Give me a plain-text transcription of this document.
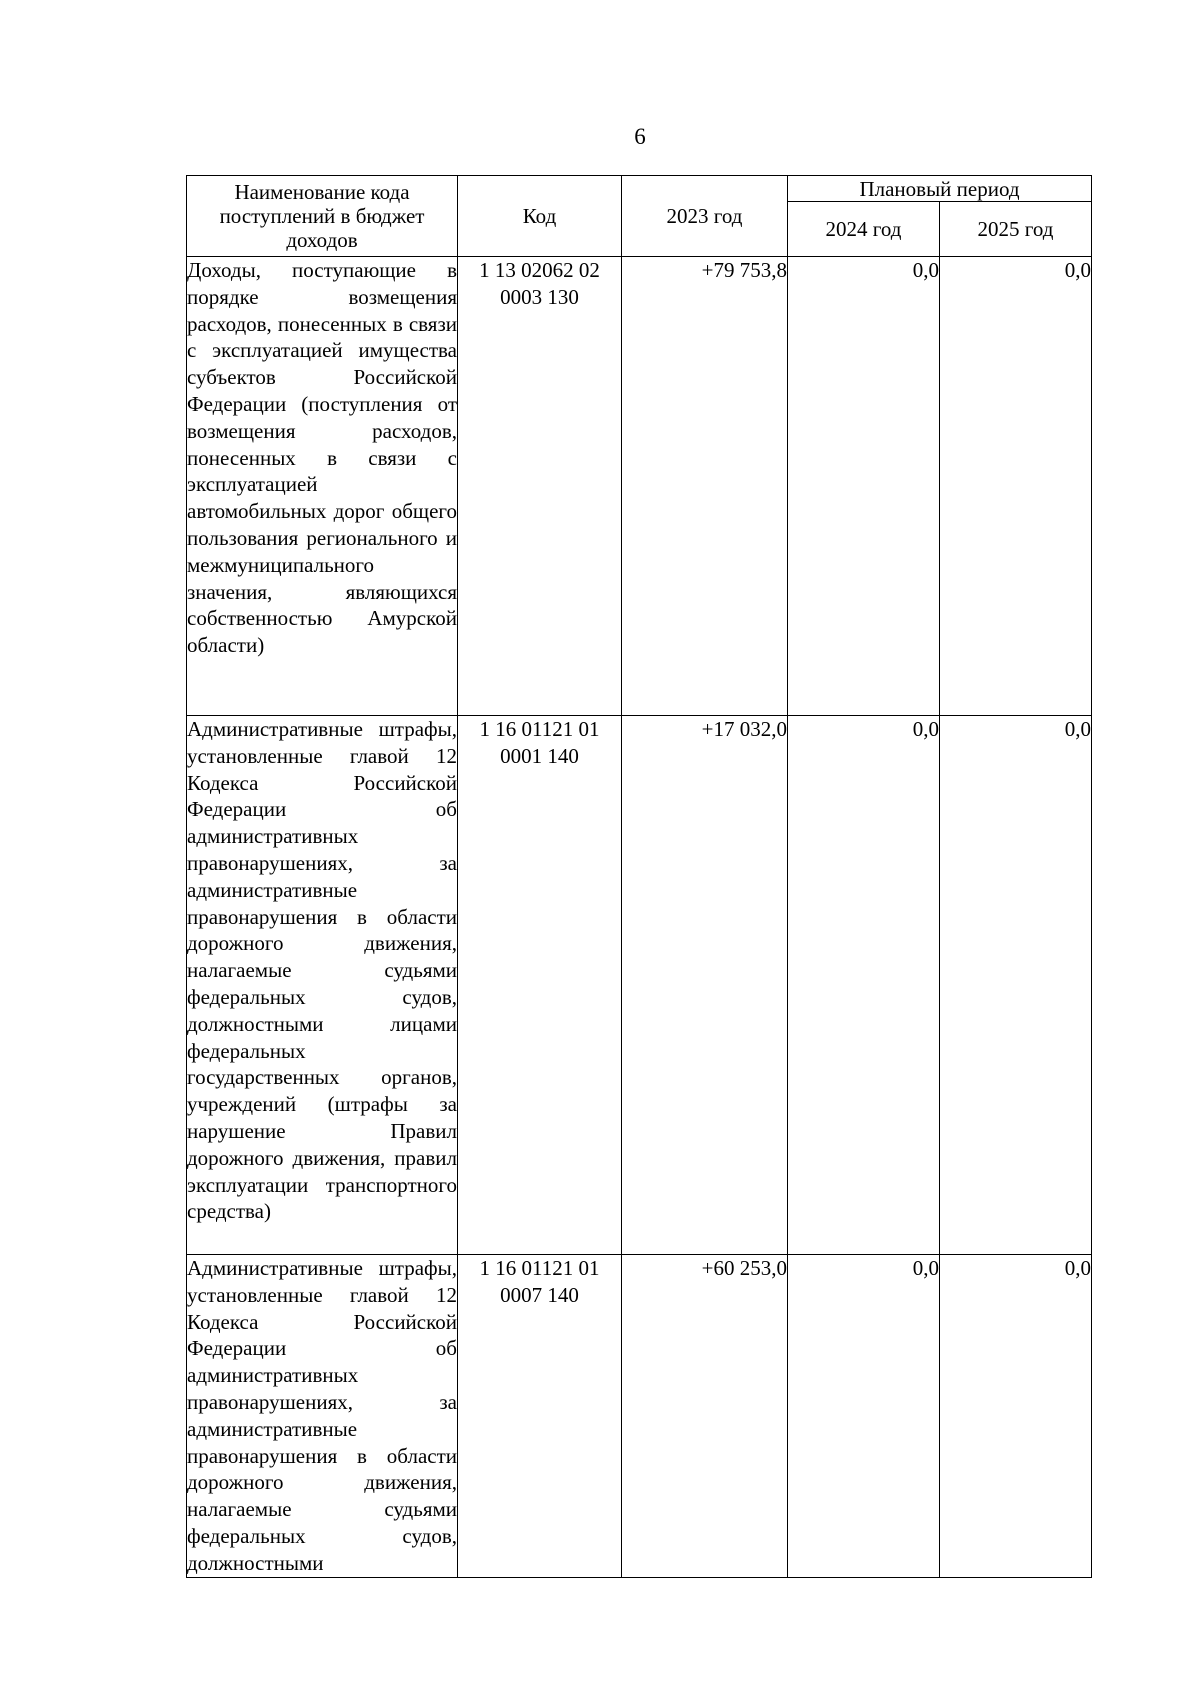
6
Наименование кода поступлений в бюджет доходов	Код	2023 год	Плановый период	
			2024 год	2025 год
Доходы, поступающие в порядке возмещения расходов, понесенных в связи с эксплуатацией имущества субъектов Российской Федерации (поступления от возмещения расходов, понесенных в связи с эксплуатацией автомобильных дорог общего пользования регионального и межмуниципального значения, являющихся собственностью Амурской области)	1 13 02062 02 0003 130	+79 753,8	0,0	0,0
Административные штрафы, установленные главой 12 Кодекса Российской Федерации об административных правонарушениях, за административные правонарушения в области дорожного движения, налагаемые судьями федеральных судов, должностными лицами федеральных государственных органов, учреждений (штрафы за нарушение Правил дорожного движения, правил эксплуатации транспортного средства)	1 16 01121 01 0001 140	+17 032,0	0,0	0,0
Административные штрафы, установленные главой 12 Кодекса Российской Федерации об административных правонарушениях, за административные правонарушения в области дорожного движения, налагаемые судьями федеральных судов, должностными	1 16 01121 01 0007 140	+60 253,0	0,0	0,0
